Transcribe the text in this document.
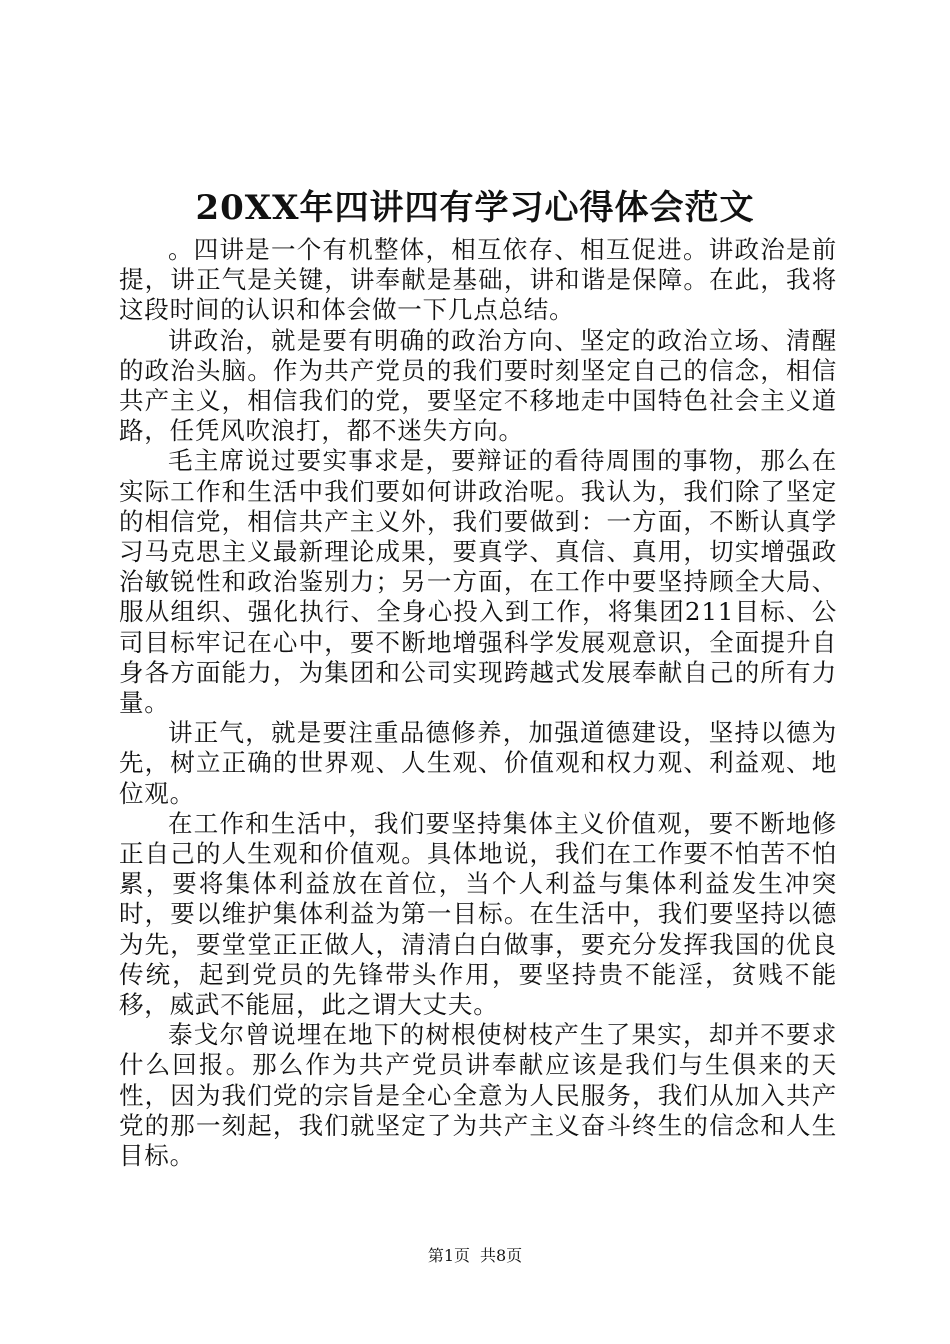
20XX年四讲四有学习心得体会范文

。四讲是一个有机整体，相互依存、相互促进。讲政治是前提，讲正气是关键，讲奉献是基础，讲和谐是保障。在此，我将这段时间的认识和体会做一下几点总结。

讲政治，就是要有明确的政治方向、坚定的政治立场、清醒的政治头脑。作为共产党员的我们要时刻坚定自己的信念，相信共产主义，相信我们的党，要坚定不移地走中国特色社会主义道路，任凭风吹浪打，都不迷失方向。

毛主席说过要实事求是，要辩证的看待周围的事物，那么在实际工作和生活中我们要如何讲政治呢。我认为，我们除了坚定的相信党，相信共产主义外，我们要做到：一方面，不断认真学习马克思主义最新理论成果，要真学、真信、真用，切实增强政治敏锐性和政治鉴别力；另一方面，在工作中要坚持顾全大局、服从组织、强化执行、全身心投入到工作，将集团211目标、公司目标牢记在心中，要不断地增强科学发展观意识，全面提升自身各方面能力，为集团和公司实现跨越式发展奉献自己的所有力量。

讲正气，就是要注重品德修养，加强道德建设，坚持以德为先，树立正确的世界观、人生观、价值观和权力观、利益观、地位观。

在工作和生活中，我们要坚持集体主义价值观，要不断地修正自己的人生观和价值观。具体地说，我们在工作要不怕苦不怕累，要将集体利益放在首位，当个人利益与集体利益发生冲突时，要以维护集体利益为第一目标。在生活中，我们要坚持以德为先，要堂堂正正做人，清清白白做事，要充分发挥我国的优良传统，起到党员的先锋带头作用，要坚持贵不能淫，贫贱不能移，威武不能屈，此之谓大丈夫。

泰戈尔曾说埋在地下的树根使树枝产生了果实，却并不要求什么回报。那么作为共产党员讲奉献应该是我们与生俱来的天性，因为我们党的宗旨是全心全意为人民服务，我们从加入共产党的那一刻起，我们就坚定了为共产主义奋斗终生的信念和人生目标。

第1页 共8页
